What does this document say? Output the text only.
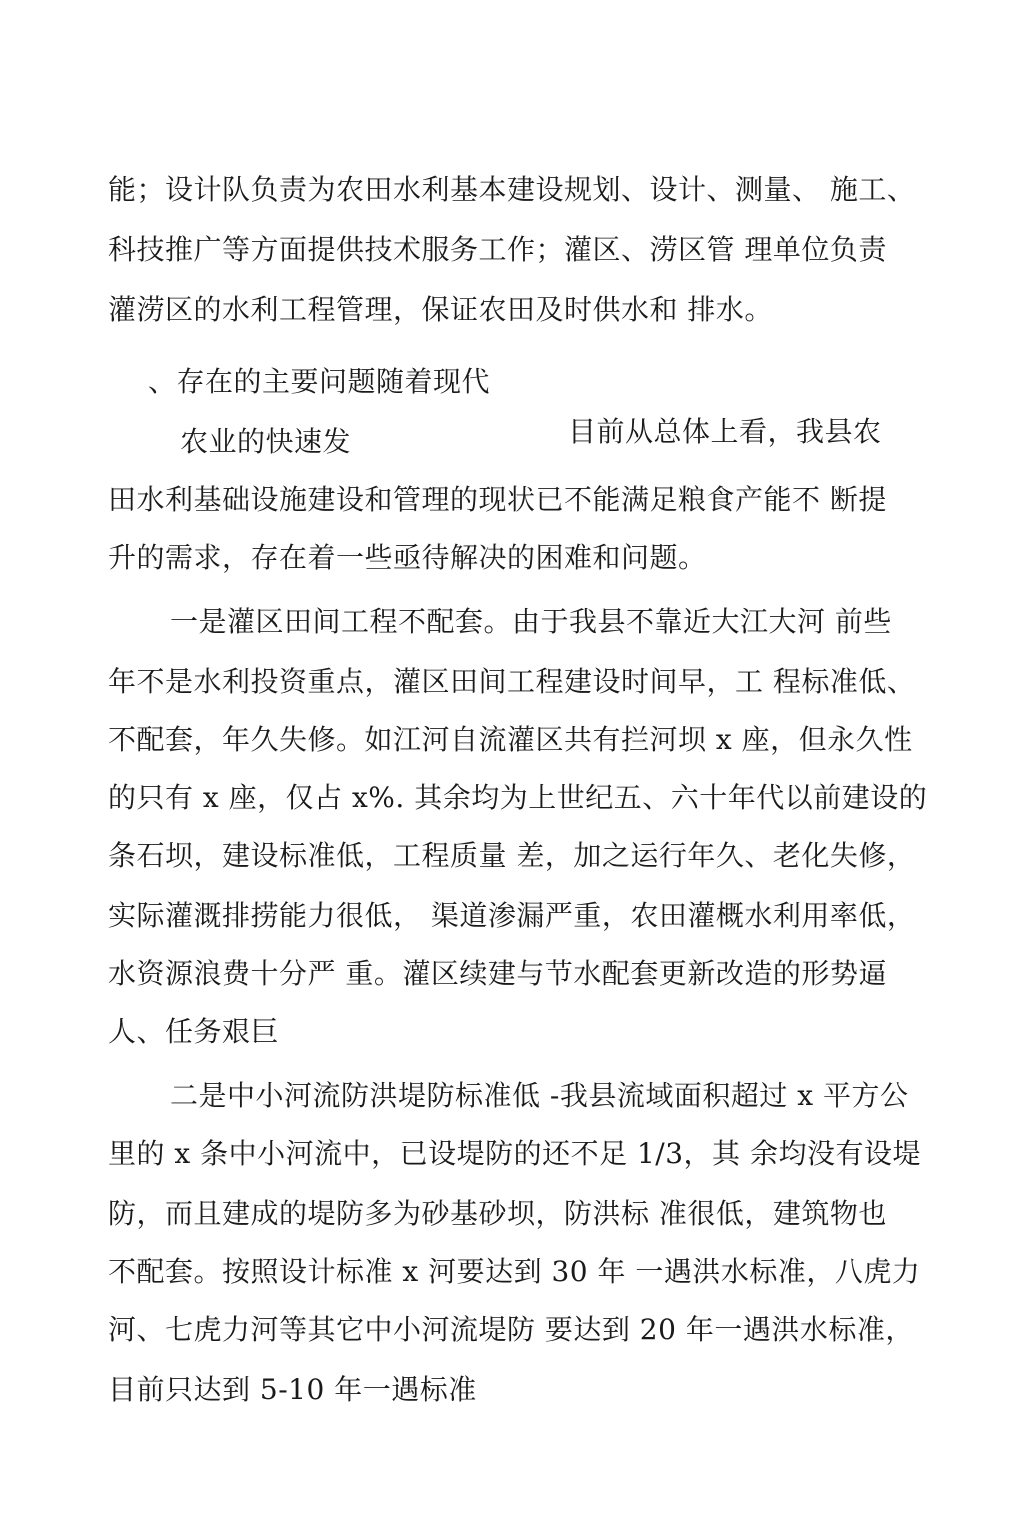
能；设计队负责为农田水利基本建设规划、设计、测量、 施工、
科技推广等方面提供技术服务工作；灌区、涝区管 理单位负责
灌涝区的水利工程管理，保证农田及时供水和 排水。
、存在的主要问题随着现代
农业的快速发	目前从总体上看，我县农
田水利基础设施建设和管理的现状已不能满足粮食产能不 断提
升的需求，存在着一些亟待解决的困难和问题。
一是灌区田间工程不配套。由于我县不靠近大江大河 前些
年不是水利投资重点，灌区田间工程建设时间早，工 程标准低、
不配套，年久失修。如江河自流灌区共有拦河坝 x 座，但永久性
的只有 x 座，仅占 x%. 其余均为上世纪五、六十年代以前建设的
条石坝，建设标准低，工程质量 差，加之运行年久、老化失修，
实际灌溉排捞能力很低， 渠道渗漏严重，农田灌概水利用率低，
水资源浪费十分严 重。灌区续建与节水配套更新改造的形势逼
人、任务艰巨
二是中小河流防洪堤防标准低 -我县流域面积超过 x 平方公
里的 x 条中小河流中，已设堤防的还不足 1/3，其 余均没有设堤
防，而且建成的堤防多为砂基砂坝，防洪标 准很低，建筑物也
不配套。按照设计标准 x 河要达到 30 年 一遇洪水标准，八虎力
河、七虎力河等其它中小河流堤防 要达到 20 年一遇洪水标准，
目前只达到 5-10 年一遇标准
